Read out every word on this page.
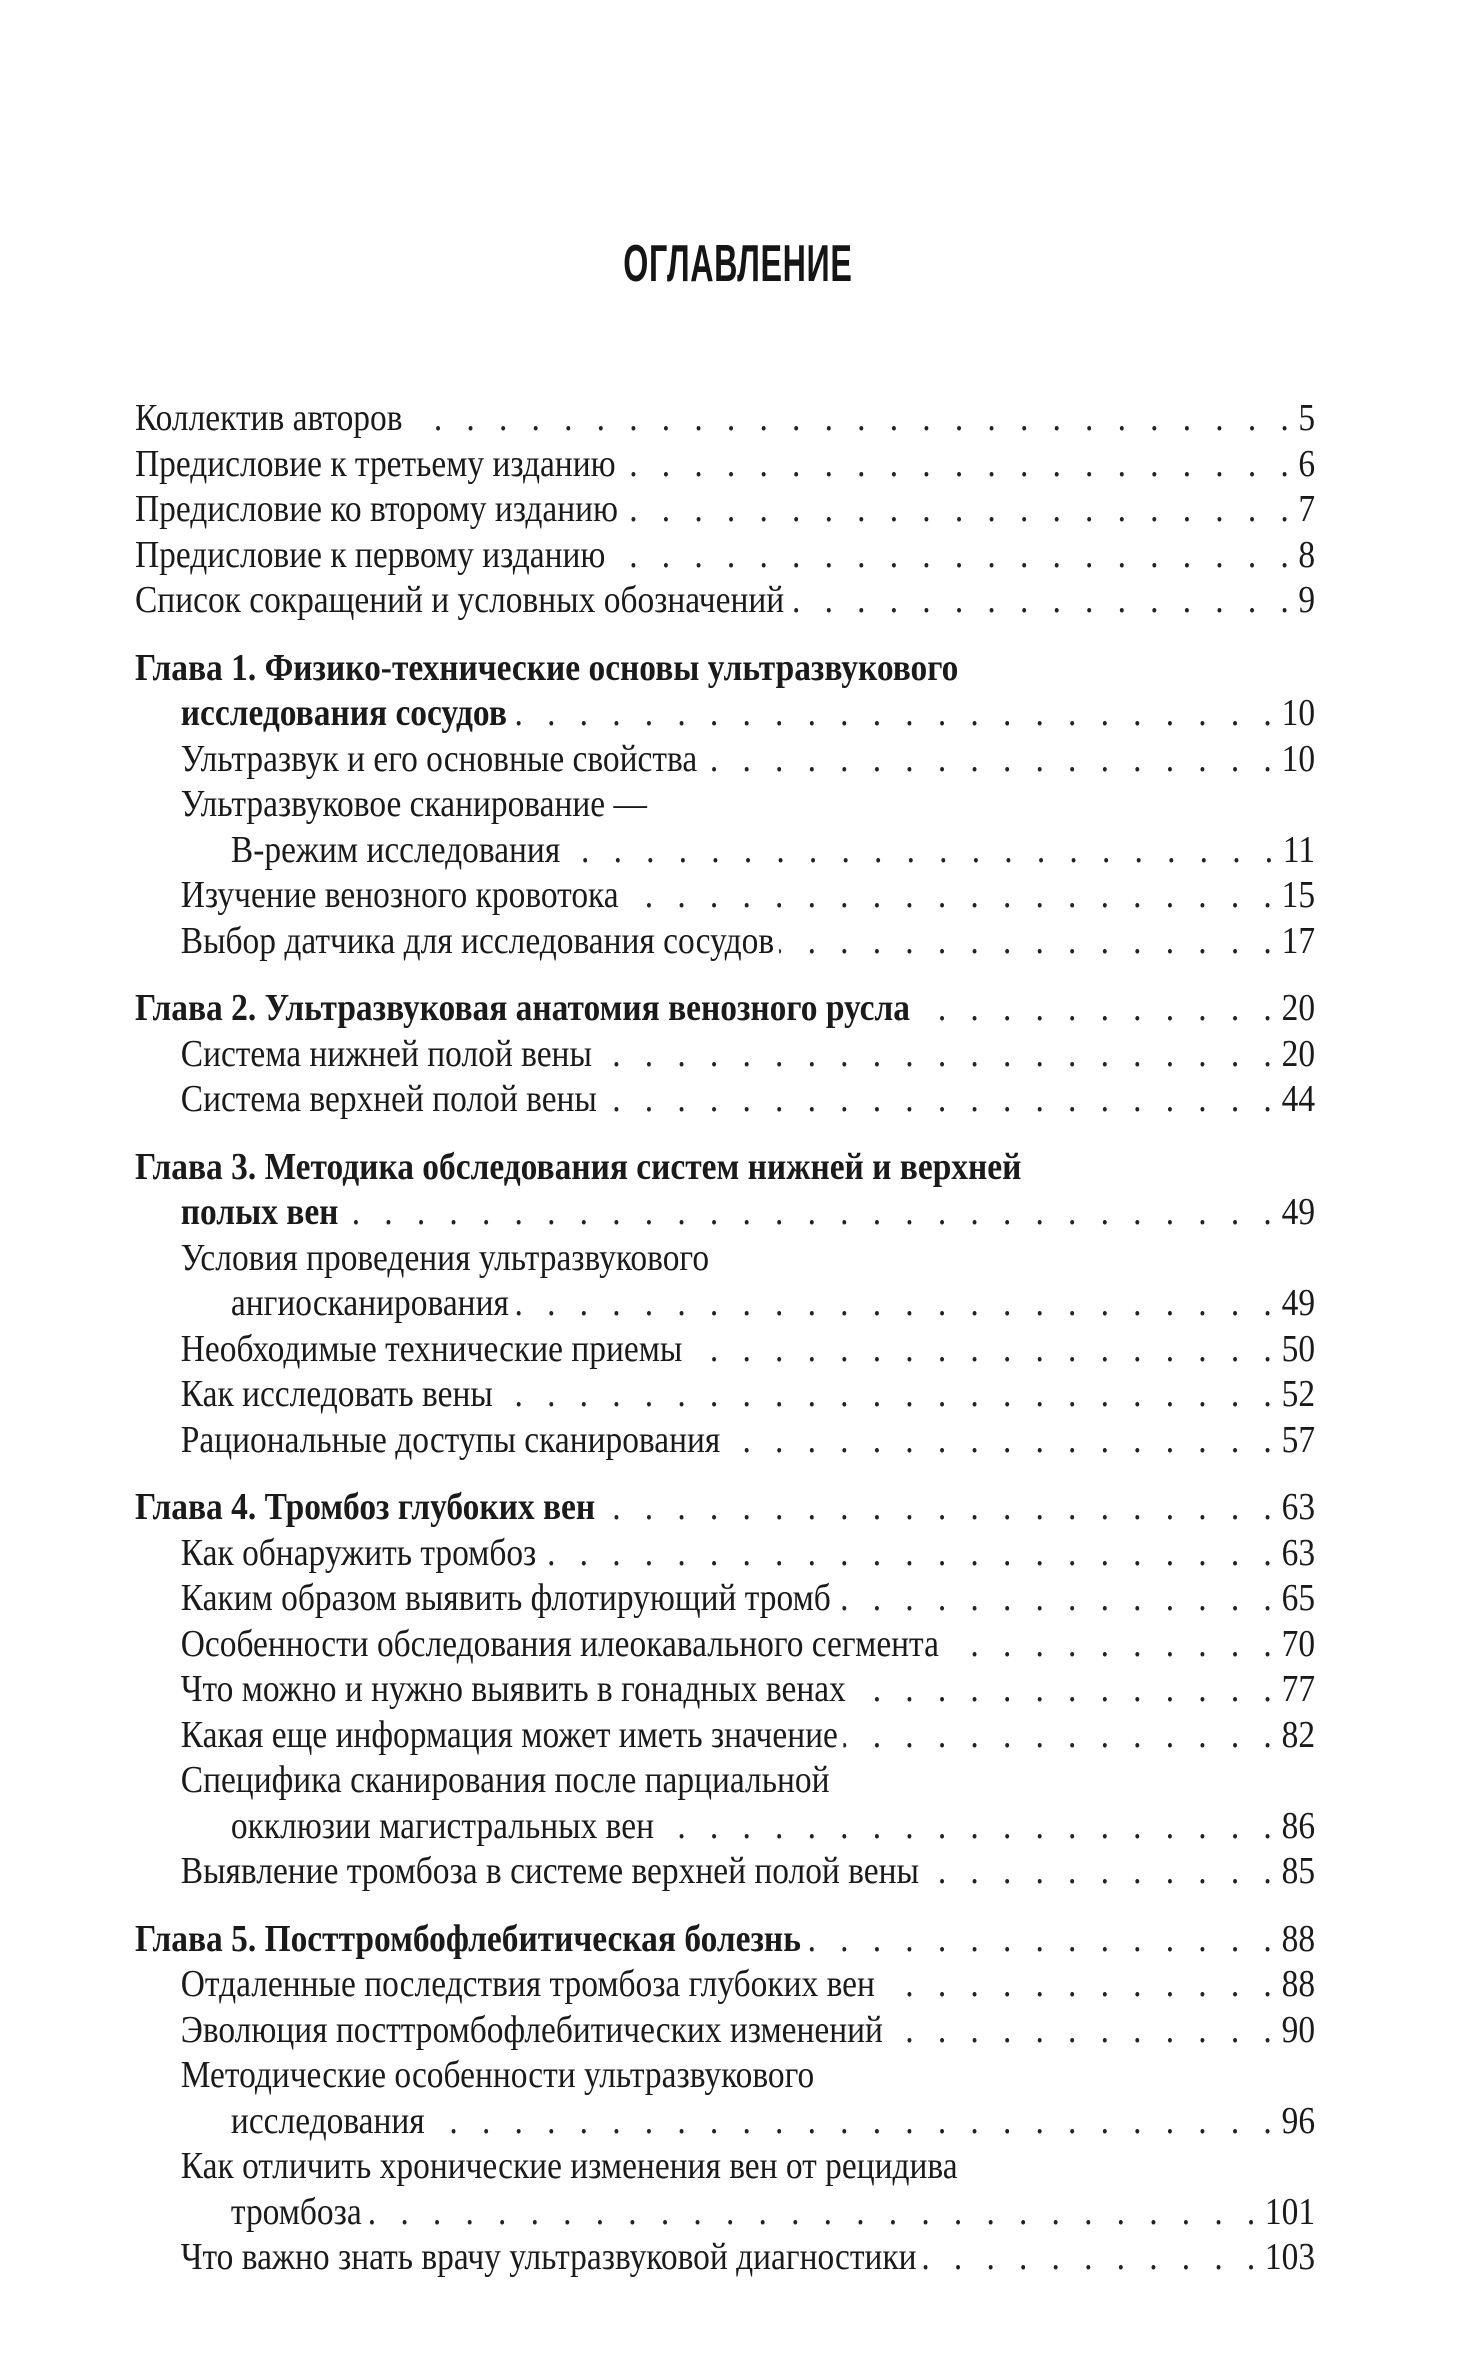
ОГЛАВЛЕНИЕ
Коллектив авторов . . .	5
Предисловие к третьему изданию . . .	6
Предисловие ко второму изданию . . .	7
Предисловие к первому изданию . . .	8
Список сокращений и условных обозначений . . .	9
Глава 1. Физико-технические основы ультразвукового
исследования сосудов . . .	10
Ультразвук и его основные свойства . . .	10
Ультразвуковое сканирование —
В-режим исследования . . .	11
Изучение венозного кровотока . . .	15
Выбор датчика для исследования сосудов . . .	17
Глава 2. Ультразвуковая анатомия венозного русла . . .	20
Система нижней полой вены . . .	20
Система верхней полой вены . . .	44
Глава 3. Методика обследования систем нижней и верхней
полых вен . . .	49
Условия проведения ультразвукового
ангиосканирования . . .	49
Необходимые технические приемы . . .	50
Как исследовать вены . . .	52
Рациональные доступы сканирования . . .	57
Глава 4. Тромбоз глубоких вен . . .	63
Как обнаружить тромбоз . . .	63
Каким образом выявить флотирующий тромб . . .	65
Особенности обследования илеокавального сегмента . . .	70
Что можно и нужно выявить в гонадных венах . . .	77
Какая еще информация может иметь значение . . .	82
Специфика сканирования после парциальной
окклюзии магистральных вен . . .	86
Выявление тромбоза в системе верхней полой вены . . .	85
Глава 5. Посттромбофлебитическая болезнь . . .	88
Отдаленные последствия тромбоза глубоких вен . . .	88
Эволюция посттромбофлебитических изменений . . .	90
Методические особенности ультразвукового
исследования . . .	96
Как отличить хронические изменения вен от рецидива
тромбоза . . .	101
Что важно знать врачу ультразвуковой диагностики . . .	103
